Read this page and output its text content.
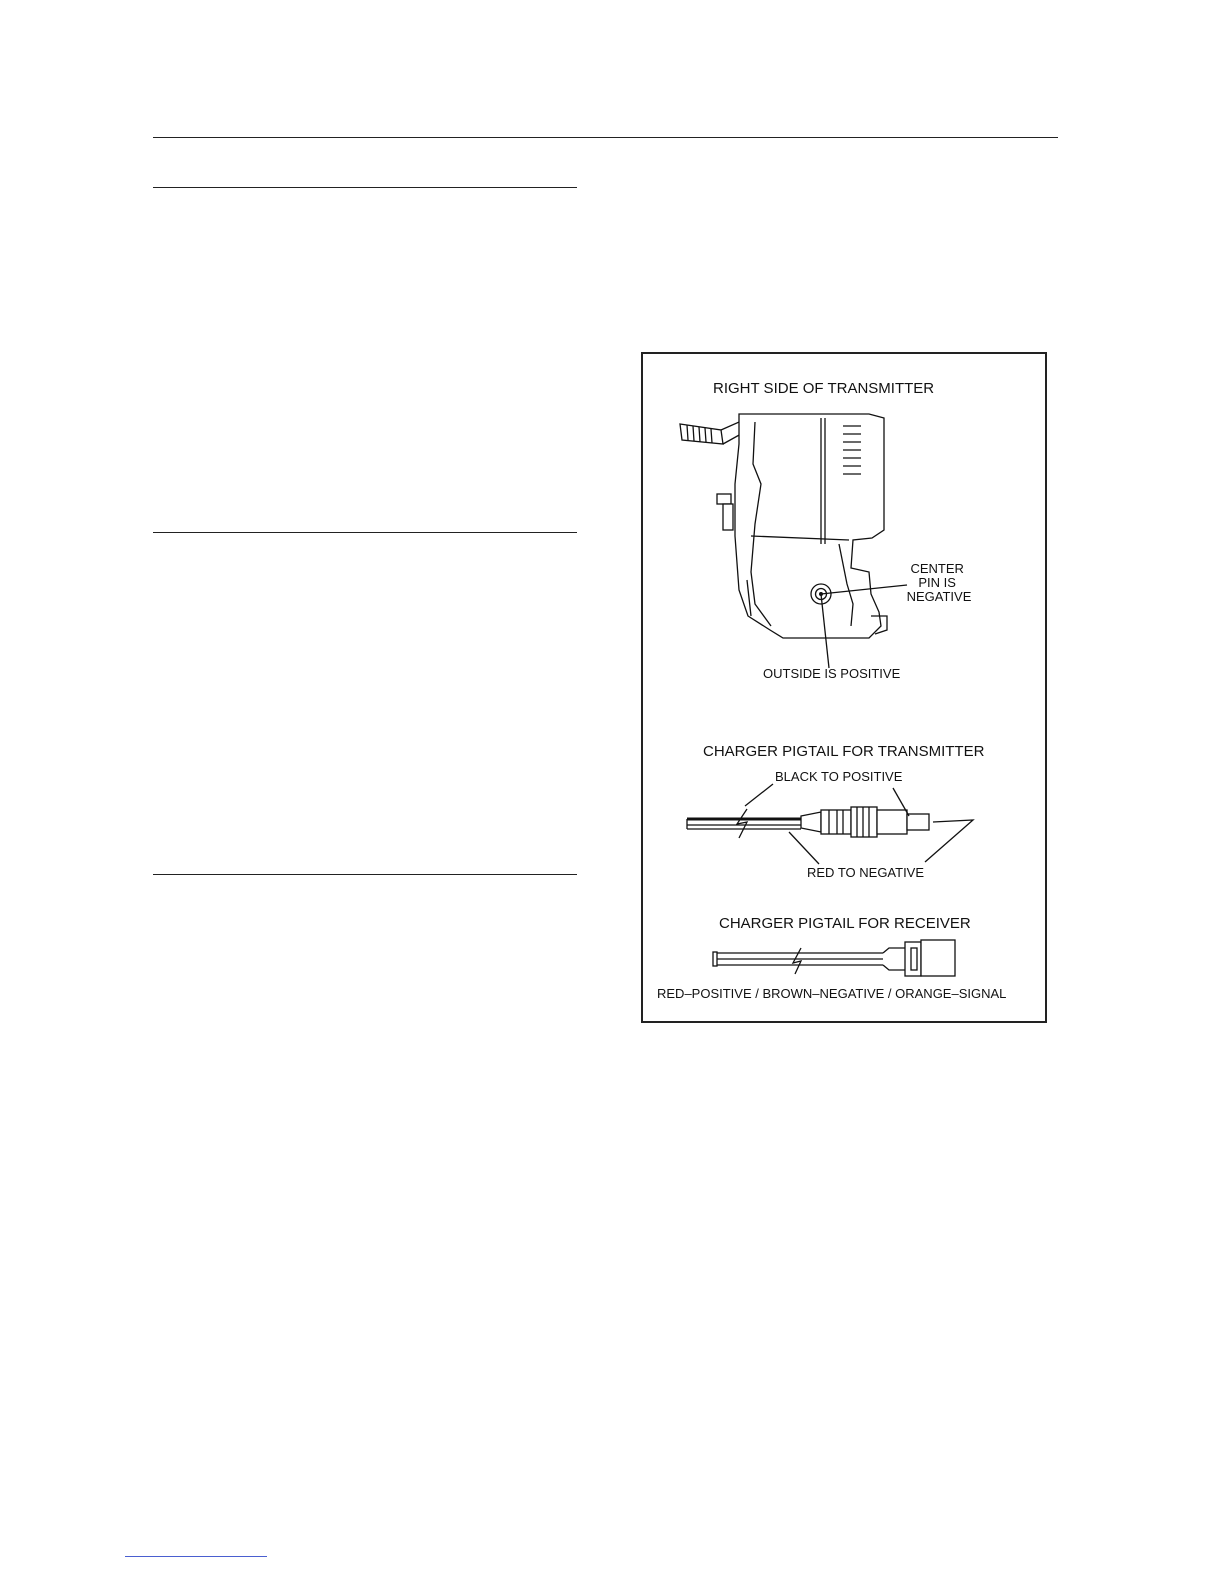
RIGHT SIDE OF TRANSMITTER
CENTER PIN IS NEGATIVE
OUTSIDE IS POSITIVE
CHARGER PIGTAIL FOR TRANSMITTER
BLACK TO POSITIVE
RED TO NEGATIVE
CHARGER PIGTAIL FOR RECEIVER
RED–POSITIVE / BROWN–NEGATIVE / ORANGE–SIGNAL
